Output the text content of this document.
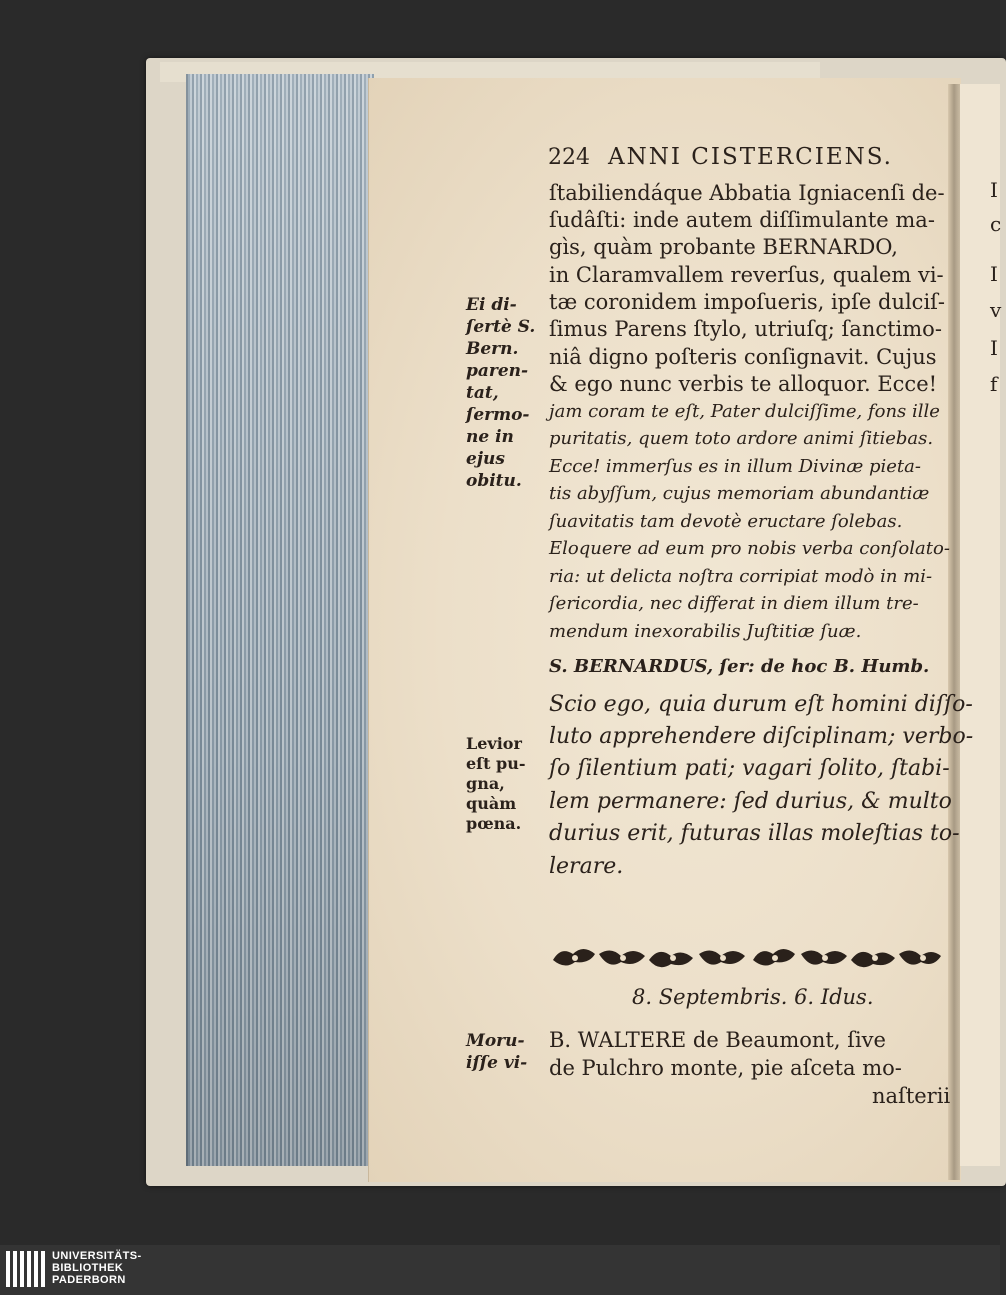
I
c
I
v
I
f
224 ANNI CISTERCIENS.
ſtabiliendáque Abbatia Igniacenſi de-
ſudâſti: inde autem diſſimulante ma-
gìs, quàm probante BERNARDO,
in Claramvallem reverſus, qualem vi-
tæ coronidem impoſueris, ipſe dulciſ-
ſimus Parens ſtylo, utriuſq; ſanctimo-
niâ digno poſteris conſignavit. Cujus
& ego nunc verbis te alloquor. Ecce!
jam coram te eſt, Pater dulciſſime, fons ille
puritatis, quem toto ardore animi ſitiebas.
Ecce! immerſus es in illum Divinæ pieta-
tis abyſſum, cujus memoriam abundantiæ
ſuavitatis tam devotè eructare ſolebas.
Eloquere ad eum pro nobis verba conſolato-
ria: ut delicta noſtra corripiat modò in mi-
ſericordia, nec differat in diem illum tre-
mendum inexorabilis Juſtitiæ ſuæ.
S. BERNARDUS, ſer: de hoc B. Humb.
Scio ego, quia durum eſt homini diſſo-
luto apprehendere diſciplinam; verbo-
ſo ſilentium pati; vagari ſolito, ſtabi-
lem permanere: ſed durius, & multo
durius erit, futuras illas moleſtias to-
lerare.
8. Septembris. 6. Idus.
B. WALTERE de Beaumont, ſive
de Pulchro monte, pie aſceta mo-
naſterii
Ei di-
ſertè S.
Bern.
paren-
tat,
ſermo-
ne in
ejus
obitu.
Levior
eſt pu-
gna,
quàm
pœna.
Moru-
iſſe vi-
UNIVERSITÄTS-
BIBLIOTHEK
PADERBORN
